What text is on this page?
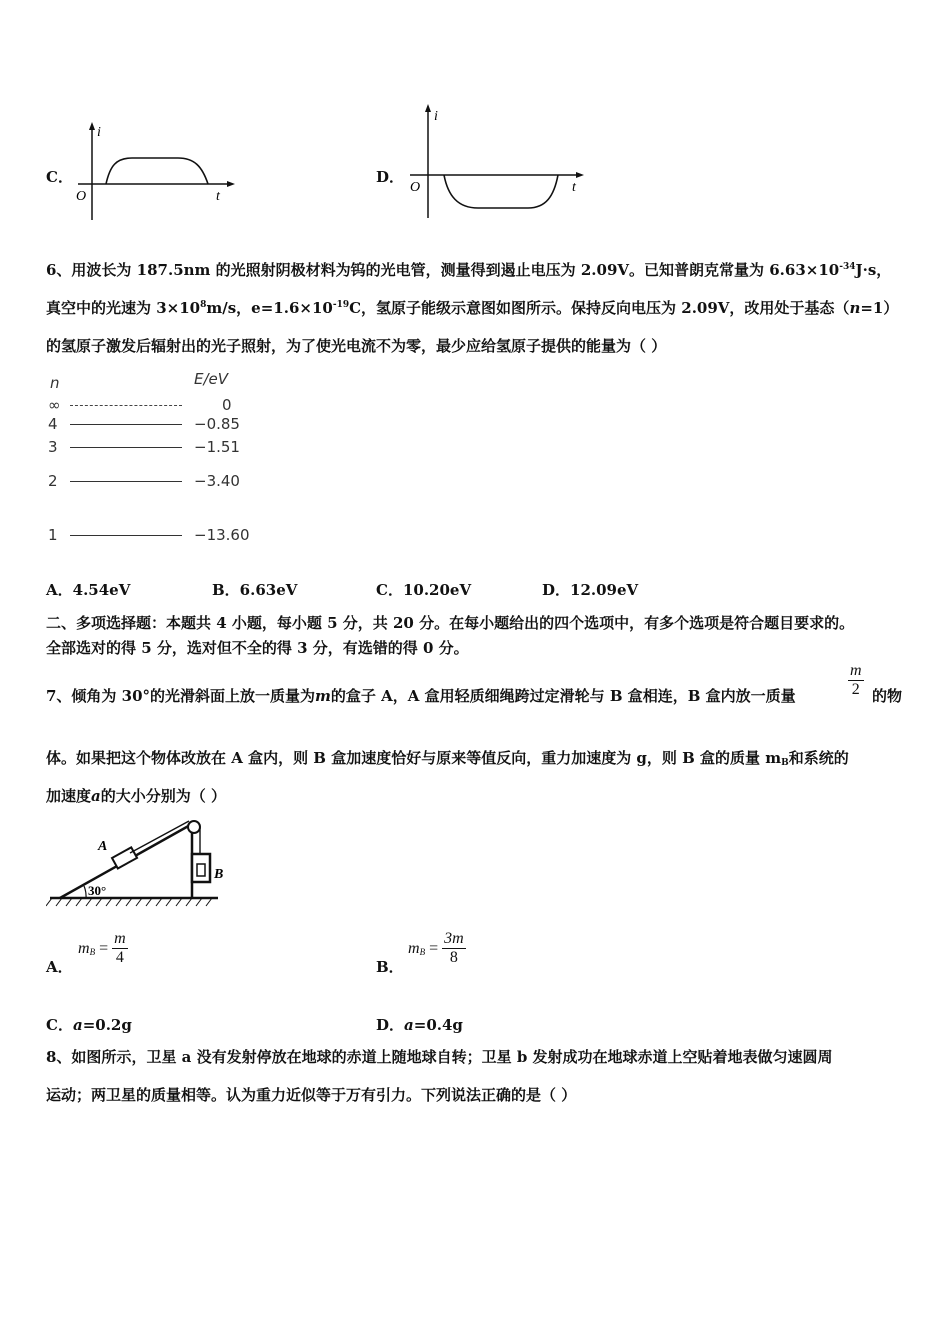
C．
i
t
O
D．
i
t
O
6、用波长为 187.5nm 的光照射阴极材料为钨的光电管，测量得到遏止电压为 2.09V。已知普朗克常量为 $6.63\times 10^{-34}J\cdot s$，
真空中的光速为 $3\times 10^8m/s$，$e=1.6\times 10^{-19}C$，氢原子能级示意图如图所示。保持反向电压为 2.09V，改用处于基态（n=1）
的氢原子激发后辐射出的光子照射，为了使光电流不为零，最少应给氢原子提供的能量为（ ）
n	E/eV
∞	0
4	−0.85
3	−1.51
2	−3.40
1	−13.60
A．4.54eV	B．6.63eV	C．10.20eV	D．12.09eV
二、多项选择题：本题共 4 小题，每小题 5 分，共 20 分。在每小题给出的四个选项中，有多个选项是符合题目要求的。
全部选对的得 5 分，选对但不全的得 3 分，有选错的得 0 分。
7、倾角为 30°的光滑斜面上放一质量为m的盒子 A，A 盒用轻质细绳跨过定滑轮与 B 盒相连，B 盒内放一质量	$\frac{m}{2}$ 的物
体。如果把这个物体改放在 A 盒内，则 B 盒加速度恰好与原来等值反向，重力加速度为 g，则 B 盒的质量 $m_B$和系统的
加速度a的大小分别为（ ）
30°
A
B
A．
$m_B = \frac{m}{4}$	B．
$m_B = \frac{3m}{8}$
C．a=0.2g	D．a=0.4g
8、如图所示，卫星 a 没有发射停放在地球的赤道上随地球自转；卫星 b 发射成功在地球赤道上空贴着地表做匀速圆周
运动；两卫星的质量相等。认为重力近似等于万有引力。下列说法正确的是（ ）
